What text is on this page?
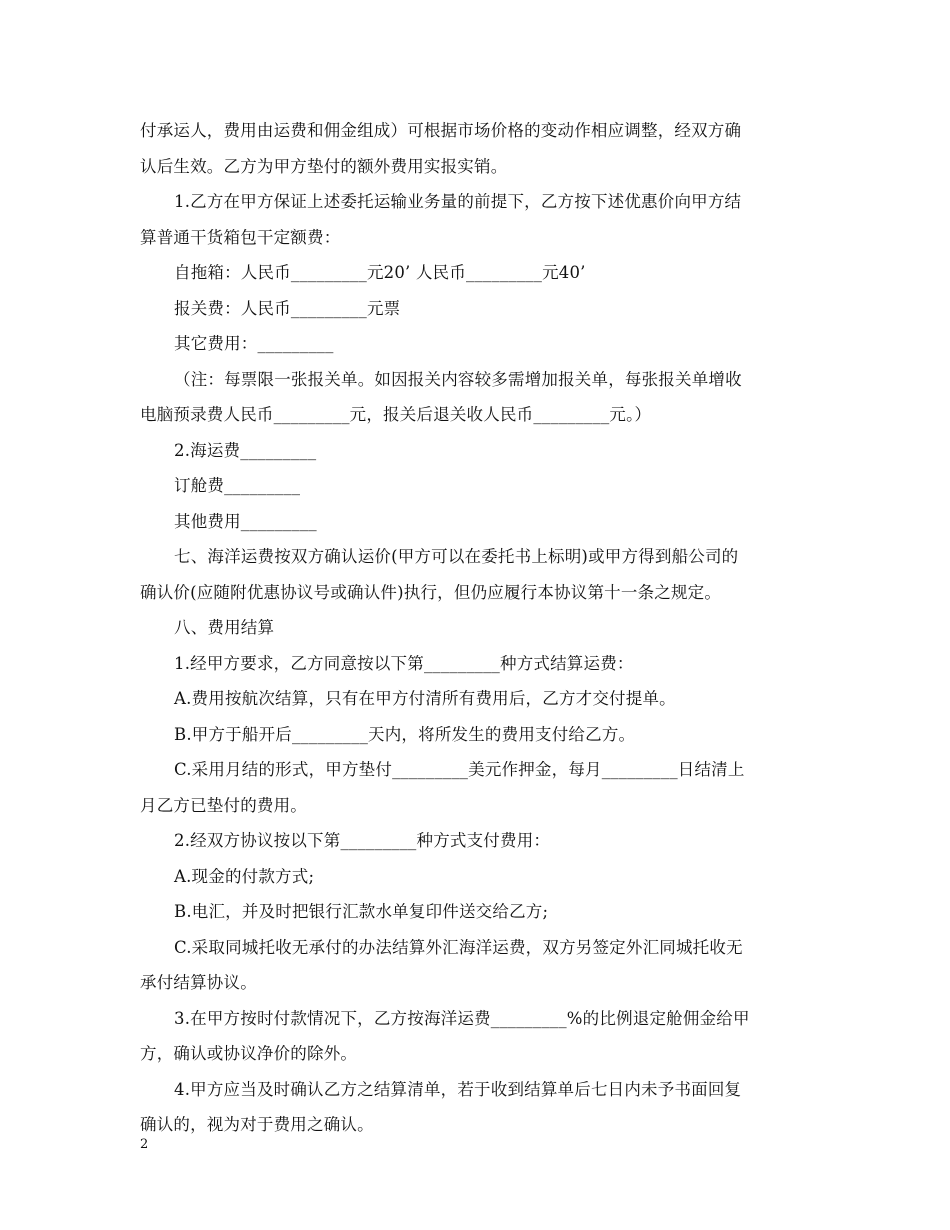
付承运人，费用由运费和佣金组成）可根据市场价格的变动作相应调整，经双方确
认后生效。乙方为甲方垫付的额外费用实报实销。
1.乙方在甲方保证上述委托运输业务量的前提下，乙方按下述优惠价向甲方结
算普通干货箱包干定额费：
自拖箱：人民币_________元20’ 人民币_________元40’
报关费：人民币_________元票
其它费用：_________
（注：每票限一张报关单。如因报关内容较多需增加报关单，每张报关单增收
电脑预录费人民币_________元，报关后退关收人民币_________元。）
2.海运费_________
订舱费_________
其他费用_________
七、海洋运费按双方确认运价(甲方可以在委托书上标明)或甲方得到船公司的
确认价(应随附优惠协议号或确认件)执行，但仍应履行本协议第十一条之规定。
八、费用结算
1.经甲方要求，乙方同意按以下第_________种方式结算运费：
A.费用按航次结算，只有在甲方付清所有费用后，乙方才交付提单。
B.甲方于船开后_________天内，将所发生的费用支付给乙方。
C.采用月结的形式，甲方垫付_________美元作押金，每月_________日结清上
月乙方已垫付的费用。
2.经双方协议按以下第_________种方式支付费用：
A.现金的付款方式;
B.电汇，并及时把银行汇款水单复印件送交给乙方;
C.采取同城托收无承付的办法结算外汇海洋运费，双方另签定外汇同城托收无
承付结算协议。
3.在甲方按时付款情况下，乙方按海洋运费_________%的比例退定舱佣金给甲
方，确认或协议净价的除外。
4.甲方应当及时确认乙方之结算清单，若于收到结算单后七日内未予书面回复
确认的，视为对于费用之确认。
2
